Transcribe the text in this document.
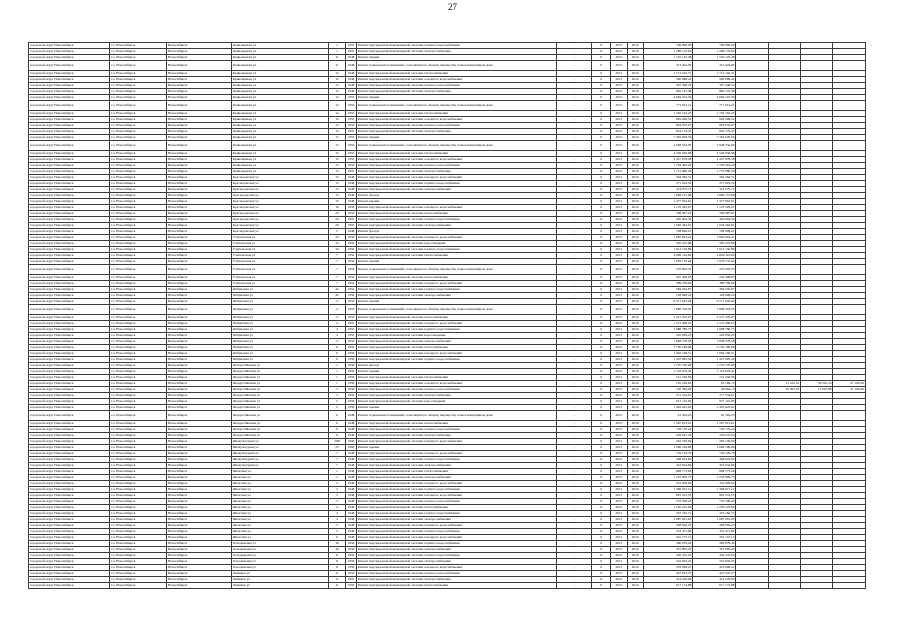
27
городской округ Новосибирск	г.о. Новосибирск	Новосибирск	Кривощекова ул	1	1955	Ремонт внутридомовой инженерной системы горячего водоснабжения	-	9	2015	2016	766 996,09	766 996,09				
городской округ Новосибирск	г.о. Новосибирск	Новосибирск	Кривощекова ул	1	1955	Ремонт внутридомовой инженерной системы электроснабжения	-	9	2015	2016	1 289 176,63	1 289 176,63				
городской округ Новосибирск	г.о. Новосибирск	Новосибирск	Кривощекова ул	11	1948	Ремонт крыши	-	9	2015	2016	1 532 125,48	1 532 125,48				
городской округ Новосибирск	г.о. Новосибирск	Новосибирск	Кривощекова ул	11	1948	Ремонт подвальных помещений, относящихся к общему имуществу в многоквартирном доме	-	9	2015	2016	313 424,09	313 424,09				
городской округ Новосибирск	г.о. Новосибирск	Новосибирск	Кривощекова ул	12	1948	Ремонт внутридомовой инженерной системы теплоснабжения	-	9	2015	2016	1 713 192,31	1 713 192,31				
городской округ Новосибирск	г.о. Новосибирск	Новосибирск	Кривощекова ул	12	1948	Ремонт внутридомовой инженерной системы холодного водоснабжения	-	9	2015	2016	290 086,42	290 086,42				
городской округ Новосибирск	г.о. Новосибирск	Новосибирск	Кривощекова ул	12	1948	Ремонт внутридомовой инженерной системы горячего водоснабжения	-	9	2015	2016	367 448,32	367 448,32				
городской округ Новосибирск	г.о. Новосибирск	Новосибирск	Кривощекова ул	12	1948	Ремонт внутридомовой инженерной системы электроснабжения	-	9	2015	2016	882 747,48	882 747,48				
городской округ Новосибирск	г.о. Новосибирск	Новосибирск	Кривощекова ул	14	1955	Ремонт крыши	-	9	2015	2016	4 694 222,39	4 694 222,39				
городской округ Новосибирск	г.о. Новосибирск	Новосибирск	Кривощекова ул	14	1955	Ремонт подвальных помещений, относящихся к общему имуществу в многоквартирном доме	-	9	2015	2016	771 912,21	771 912,21				
городской округ Новосибирск	г.о. Новосибирск	Новосибирск	Кривощекова ул	14	1955	Ремонт внутридомовой инженерной системы теплоснабжения	-	9	2015	2016	1 702 162,45	1 702 162,45				
городской округ Новосибирск	г.о. Новосибирск	Новосибирск	Кривощекова ул	14	1955	Ремонт внутридомовой инженерной системы холодного водоснабжения	-	9	2015	2016	829 296,52	829 296,52				
городской округ Новосибирск	г.о. Новосибирск	Новосибирск	Кривощекова ул	14	1955	Ремонт внутридомовой инженерной системы горячего водоснабжения	-	9	2015	2016	864 035,97	864 035,97				
городской округ Новосибирск	г.о. Новосибирск	Новосибирск	Кривощекова ул	14	1955	Ремонт внутридомовой инженерной системы электроснабжения	-	9	2015	2016	824 179,47	824 179,47				
городской округ Новосибирск	г.о. Новосибирск	Новосибирск	Кривощекова ул	15	1955	Ремонт крыши	-	9	2015	2016	7 394 626,56	7 394 626,56				
городской округ Новосибирск	г.о. Новосибирск	Новосибирск	Кривощекова ул	15	1955	Ремонт подвальных помещений, относящихся к общему имуществу в многоквартирном доме	-	9	2015	2016	2 948 534,00	2 948 534,00				
городской округ Новосибирск	г.о. Новосибирск	Новосибирск	Кривощекова ул	15	1955	Ремонт внутридомовой инженерной системы теплоснабжения	-	9	2015	2016	4 549 030,98	4 549 030,98				
городской округ Новосибирск	г.о. Новосибирск	Новосибирск	Кривощекова ул	15	1955	Ремонт внутридомовой инженерной системы холодного водоснабжения	-	9	2015	2016	2 457 978,38	2 457 978,38				
городской округ Новосибирск	г.о. Новосибирск	Новосибирск	Кривощекова ул	15	1955	Ремонт внутридомовой инженерной системы горячего водоснабжения	-	9	2015	2016	1 794 463,20	1 794 463,20				
городской округ Новосибирск	г.о. Новосибирск	Новосибирск	Кривощекова ул	15	1955	Ремонт внутридомовой инженерной системы электроснабжения	-	9	2015	2016	1 731 880,29	1 731 880,29				
городской округ Новосибирск	г.о. Новосибирск	Новосибирск	Краснодонская ул	13	1948	Ремонт внутридомовой инженерной системы холодного водоснабжения	-	9	2015	2016	364 584,31	364 584,31				
городской округ Новосибирск	г.о. Новосибирск	Новосибирск	Краснодонская ул	13	1948	Ремонт внутридомовой инженерной системы горячего водоснабжения	-	9	2015	2016	271 619,59	271 619,59				
городской округ Новосибирск	г.о. Новосибирск	Новосибирск	Краснодонская ул	13	1948	Ремонт внутридомовой инженерной системы электроснабжения	-	9	2015	2016	314 075,71	314 075,71				
городской округ Новосибирск	г.о. Новосибирск	Новосибирск	Краснодонская ул	15	1948	Ремонт фасада	-	9	2015	2016	1 809 157,68	1 809 157,68				
городской округ Новосибирск	г.о. Новосибирск	Новосибирск	Краснодонская ул	15	1948	Ремонт крыши	-	9	2015	2016	1 477 819,61	1 477 819,61				
городской округ Новосибирск	г.о. Новосибирск	Новосибирск	Краснодонская ул	16	1958	Ремонт внутридомовой инженерной системы холодного водоснабжения	-	9	2015	2016	1 125 595,97	1 125 595,97				
городской округ Новосибирск	г.о. Новосибирск	Новосибирск	Краснодонская ул	20	1955	Ремонт внутридомовой инженерной системы теплоснабжения	-	9	2015	2016	586 987,91	586 987,91				
городской округ Новосибирск	г.о. Новосибирск	Новосибирск	Краснодонская ул	20	1955	Ремонт внутридомовой инженерной системы горячего водоснабжения	-	9	2015	2016	420 694,30	420 694,30				
городской округ Новосибирск	г.о. Новосибирск	Новосибирск	Краснодонская ул	20	1955	Ремонт внутридомовой инженерной системы электроснабжения	-	9	2015	2016	1 026 463,61	1 026 463,61				
городской округ Новосибирск	г.о. Новосибирск	Новосибирск	Краснодонская ул	5	1948	Ремонт фасада	-	9	2015	2016	708 996,01	708 996,01				
городской округ Новосибирск	г.о. Новосибирск	Новосибирск	Учительская ул	34	1956	Ремонт внутридомовой инженерной системы холодного водоснабжения	-	9	2015	2016	1 862 824,41	1 862 824,41				
городской округ Новосибирск	г.о. Новосибирск	Новосибирск	Учительская ул	34	1956	Ремонт внутридомовой инженерной системы водоотведения	-	9	2015	2016	585 255,88	585 255,88				
городской округ Новосибирск	г.о. Новосибирск	Новосибирск	Учительская ул	34	1956	Ремонт внутридомовой инженерной системы горячего водоснабжения	-	9	2015	2016	1 613 150,89	1 613 150,89				
городской округ Новосибирск	г.о. Новосибирск	Новосибирск	Учительская ул	7	1954	Ремонт внутридомовой инженерной системы теплоснабжения	-	9	2015	2016	4 699 116,84	4 699 116,84				
городской округ Новосибирск	г.о. Новосибирск	Новосибирск	Учительская ул	7	1954	Ремонт крыши	-	9	2015	2016	1 978 135,64	1 978 135,64				
городской округ Новосибирск	г.о. Новосибирск	Новосибирск	Учительская ул	7	1954	Ремонт подвальных помещений, относящихся к общему имуществу в многоквартирном доме	-	9	2015	2016	270 092,33	270 092,33				
городской округ Новосибирск	г.о. Новосибирск	Новосибирск	Учительская ул	7	1954	Ремонт внутридомовой инженерной системы теплоснабжения	-	9	2015	2016	245 408,83	245 408,83				
городской округ Новосибирск	г.о. Новосибирск	Новосибирск	Учительская ул	7	1954	Ремонт внутридомовой инженерной системы холодного водоснабжения	-	9	2015	2016	389 799,66	389 799,66				
городской округ Новосибирск	г.о. Новосибирск	Новосибирск	Фабричная ул	42	1954	Ремонт внутридомовой инженерной системы горячего водоснабжения	-	9	2015	2016	284 232,87	284 232,87				
городской округ Новосибирск	г.о. Новосибирск	Новосибирск	Фабричная ул	42	1954	Ремонт внутридомовой инженерной системы электроснабжения	-	9	2015	2016	128 698,24	128 698,24				
городской округ Новосибирск	г.о. Новосибирск	Новосибирск	Фабричная ул	4	1955	Ремонт крыши	-	9	2015	2016	6 571 645,84	6 571 645,84				
городской округ Новосибирск	г.о. Новосибирск	Новосибирск	Фабричная ул	4	1955	Ремонт подвальных помещений, относящихся к общему имуществу в многоквартирном доме	-	9	2015	2016	1 898 318,95	1 898 318,95				
городской округ Новосибирск	г.о. Новосибирск	Новосибирск	Фабричная ул	4	1955	Ремонт внутридомовой инженерной системы теплоснабжения	-	9	2015	2016	2 221 470,97	2 221 470,97				
городской округ Новосибирск	г.о. Новосибирск	Новосибирск	Фабричная ул	4	1955	Ремонт внутридомовой инженерной системы холодного водоснабжения	-	9	2015	2016	1 573 468,03	1 573 468,03				
городской округ Новосибирск	г.о. Новосибирск	Новосибирск	Фабричная ул	4	1955	Ремонт внутридомовой инженерной системы горячего водоснабжения	-	9	2015	2016	1 088 780,75	1 088 780,75				
городской округ Новосибирск	г.о. Новосибирск	Новосибирск	Фабричная ул	4	1955	Ремонт внутридомовой инженерной системы водоотведения	-	9	2015	2016	245 856,23	245 856,23				
городской округ Новосибирск	г.о. Новосибирск	Новосибирск	Фабричная ул	4	1955	Ремонт внутридомовой инженерной системы электроснабжения	-	9	2015	2016	1 848 278,58	1 848 278,58				
городской округ Новосибирск	г.о. Новосибирск	Новосибирск	Фабричная ул	6	1956	Ремонт внутридомовой инженерной системы теплоснабжения	-	9	2015	2016	3 730 189,68	3 730 189,68				
городской округ Новосибирск	г.о. Новосибирск	Новосибирск	Фабричная ул	6	1956	Ремонт внутридомовой инженерной системы холодного водоснабжения	-	9	2015	2016	1 062 166,51	1 062 166,51				
городской округ Новосибирск	г.о. Новосибирск	Новосибирск	Фабричная ул	6	1956	Ремонт внутридомовой инженерной системы горячего водоснабжения	-	9	2015	2016	1 437 995,30	1 437 995,30				
городской округ Новосибирск	г.о. Новосибирск	Новосибирск	Федора Ивачева ул	1	1956	Ремонт фасада	-	9	2015	2016	1 270 720,66	1 270 720,66				
городской округ Новосибирск	г.о. Новосибирск	Новосибирск	Федора Ивачева ул	1	1956	Ремонт крыши	-	9	2015	2016	1 118 679,42	1 118 679,42				
городской округ Новосибирск	г.о. Новосибирск	Новосибирск	Федора Ивачева ул	1	1956	Ремонт внутридомовой инженерной системы теплоснабжения	-	9	2015	2016	721 256,66	721 256,66				
городской округ Новосибирск	г.о. Новосибирск	Новосибирск	Федора Ивачева ул	1	1956	Ремонт внутридомовой инженерной системы холодного водоснабжения	-	9	2015	2016	195 190,64	63 184,72		21 522,32	56 561,10	67 166,36
городской округ Новосибирск	г.о. Новосибирск	Новосибирск	Федора Ивачева ул	3	1956	Ремонт внутридомовой инженерной системы горячего водоснабжения	-	9	2015	2016	140 384,09	46 662,13		16 093,76	13 961,88	67 166,36
городской округ Новосибирск	г.о. Новосибирск	Новосибирск	Федора Ивачева ул	3	1956	Ремонт внутридомовой инженерной системы электроснабжения	-	9	2015	2016	271 554,91	271 554,91				
городской округ Новосибирск	г.о. Новосибирск	Новосибирск	Федора Ивачева ул	5	1956	Ремонт внутридомовой инженерной системы водоотведения	-	9	2015	2016	971 110,00	971 110,00				
городской округ Новосибирск	г.о. Новосибирск	Новосибирск	Федора Ивачева ул	5	1956	Ремонт крыши	-	9	2015	2016	1 493 622,62	1 493 622,62				
городской округ Новосибирск	г.о. Новосибирск	Новосибирск	Федора Ивачева ул	9	1948	Ремонт подвальных помещений, относящихся к общему имуществу в многоквартирном доме	-	9	2015	2016	61 304,23	61 304,23				
городской округ Новосибирск	г.о. Новосибирск	Новосибирск	Федора Ивачева ул	9	1948	Ремонт внутридомовой инженерной системы теплоснабжения	-	9	2015	2016	1 567 813,61	1 567 813,61				
городской округ Новосибирск	г.о. Новосибирск	Новосибирск	Федора Ивачева ул	9	1948	Ремонт внутридомовой инженерной системы горячего водоснабжения	-	9	2015	2016	726 176,24	726 176,24				
городской округ Новосибирск	г.о. Новосибирск	Новосибирск	Федора Ивачева ул	9	1948	Ремонт внутридомовой инженерной системы электроснабжения	-	9	2015	2016	226 047,24	226 047,24				
городской округ Новосибирск	г.о. Новосибирск	Новосибирск	Физкультурная ул	23В	1958	Ремонт внутридомовой инженерной системы холодного водоснабжения	-	9	2015	2016	292 726,09	292 726,09				
городской округ Новосибирск	г.о. Новосибирск	Новосибирск	Физкультурная ул	23	1960	Ремонт крыши	-	9	2015	2016	1 096 199,86	1 096 199,86				
городской округ Новосибирск	г.о. Новосибирск	Новосибирск	Физкультурная ул	7	1948	Ремонт внутридомовой инженерной системы холодного водоснабжения	-	9	2015	2016	729 126,76	729 126,76				
городской округ Новосибирск	г.о. Новосибирск	Новосибирск	Физкультурная ул	7	1948	Ремонт внутридомовой инженерной системы горячего водоснабжения	-	9	2015	2016	468 924,83	468 924,83				
городской округ Новосибирск	г.о. Новосибирск	Новосибирск	Физкультурная ул	7	1948	Ремонт внутридомовой инженерной системы электроснабжения	-	9	2015	2016	423 634,66	423 634,66				
городской округ Новосибирск	г.о. Новосибирск	Новосибирск	Фильтная ул	1	1948	Ремонт внутридомовой инженерной системы теплоснабжения	-	9	2015	2016	896 773,06	896 773,06				
городской округ Новосибирск	г.о. Новосибирск	Новосибирск	Фильтная ул	1	1948	Ремонт внутридомовой инженерной системы электроснабжения	-	9	2015	2016	1 252 809,75	1 252 809,75				
городской округ Новосибирск	г.о. Новосибирск	Новосибирск	Фильтная ул	2	1948	Ремонт внутридомовой инженерной системы холодного водоснабжения	-	9	2015	2016	332 009,00	332 009,00				
городской округ Новосибирск	г.о. Новосибирск	Новосибирск	Фильтная ул	2	1948	Ремонт внутридомовой инженерной системы горячего водоснабжения	-	9	2015	2016	1 368 615,12	1 368 615,12				
городской округ Новосибирск	г.о. Новосибирск	Новосибирск	Фильтная ул	3	1948	Ремонт внутридомовой инженерной системы холодного водоснабжения	-	9	2015	2016	891 353,55	891 353,55				
городской округ Новосибирск	г.о. Новосибирск	Новосибирск	Фильтная ул	3	1948	Ремонт внутридомовой инженерной системы горячего водоснабжения	-	9	2015	2016	752 508,43	752 508,43				
городской округ Новосибирск	г.о. Новосибирск	Новосибирск	Фильтная ул	4	1948	Ремонт внутридомовой инженерной системы теплоснабжения	-	9	2015	2016	1 256 225,86	1 256 225,86				
городской округ Новосибирск	г.о. Новосибирск	Новосибирск	Фильтная ул	4	1948	Ремонт внутридомовой инженерной системы горячего водоснабжения	-	9	2015	2016	475 182,72	475 182,72				
городской округ Новосибирск	г.о. Новосибирск	Новосибирск	Фильтная ул	4	1948	Ремонт внутридомовой инженерной системы электроснабжения	-	9	2015	2016	1 087 061,65	1 087 061,65				
городской округ Новосибирск	г.о. Новосибирск	Новосибирск	Фильтная ул	5	1948	Ремонт внутридомовой инженерной системы холодного водоснабжения	-	9	2015	2016	408 062,25	408 062,25				
городской округ Новосибирск	г.о. Новосибирск	Новосибирск	Фильтная ул	5	1948	Ремонт внутридомовой инженерной системы горячего водоснабжения	-	9	2015	2016	353 471,84	353 471,84				
городской округ Новосибирск	г.о. Новосибирск	Новосибирск	Фильтная ул	6	1948	Ремонт внутридомовой инженерной системы холодного водоснабжения	-	9	2015	2016	291 157,15	291 157,15				
городской округ Новосибирск	г.о. Новосибирск	Новосибирск	Холодильная ул	16	1956	Ремонт внутридомовой инженерной системы горячего водоснабжения	-	9	2015	2016	360 879,49	360 879,49				
городской округ Новосибирск	г.о. Новосибирск	Новосибирск	Холодильная ул	16	1956	Ремонт внутридомовой инженерной системы электроснабжения	-	9	2015	2016	391 895,45	391 895,45				
городской округ Новосибирск	г.о. Новосибирск	Новосибирск	Холодильная ул	8	1956	Ремонт внутридомовой инженерной системы горячего водоснабжения	-	9	2015	2016	430 555,03	430 555,03				
городской округ Новосибирск	г.о. Новосибирск	Новосибирск	Холодильная ул	8	1956	Ремонт внутридомовой инженерной системы электроснабжения	-	9	2015	2016	516 935,43	516 935,43				
городской округ Новосибирск	г.о. Новосибирск	Новосибирск	Холодильная ул	8	1956	Ремонт внутридомовой инженерной системы холодного водоснабжения	-	9	2015	2016	316 008,22	316 008,22				
городской округ Новосибирск	г.о. Новосибирск	Новосибирск	Химиков ул	11	1955	Ремонт внутридомовой инженерной системы горячего водоснабжения	-	9	2015	2016	447 043,37	447 043,37				
городской округ Новосибирск	г.о. Новосибирск	Новосибирск	Химиков ул	11	1955	Ремонт внутридомовой инженерной системы электроснабжения	-	9	2015	2016	414 226,99	414 226,99				
городской округ Новосибирск	г.о. Новосибирск	Новосибирск	Химиков ул	11	1955	Ремонт внутридомовой инженерной системы теплоснабжения	-	9	2015	2016	617 174,88	617 174,88				
